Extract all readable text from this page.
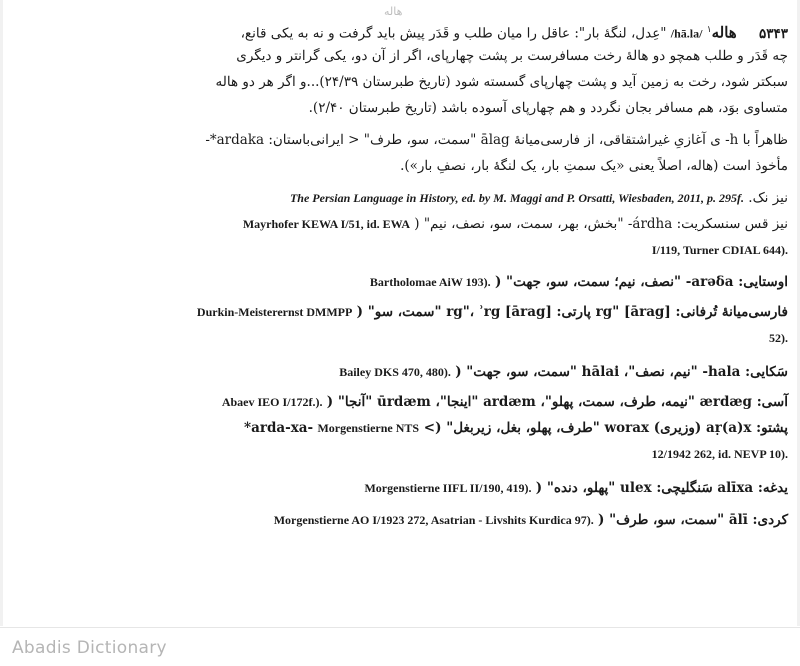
هاله
۵۳۴۳ هاله$^۱$ /hā.la/ "عِدل، لنگهٔ بار": عاقل را میان طلب و قَدَر پیش باید گرفت و نه به یکی قانع،
چه قَدَر و طلب همچو دو هالهٔ رخت مسافرست بر پشت چهارپای، اگر از آن دو، یکی گرانتر و دیگری
سبکتر شود، رخت به زمین آید و پشت چهارپای گسسته شود (تاریخ طبرستان ۲۴/۳۹)...و اگر هر دو هاله
متساوی بوَد، هم مسافر بجان نگردد و هم چهارپای آسوده باشد (تاریخ طبرستان ۲/۴۰).
ظاهراً با h- ی آغازیِ غیراشتقاقی، از فارسی‌میانهٔ ālag "سمت، سو، طرف" < ایرانی‌باستان: ‎*ardaka-
مأخوذ است (هاله، اصلاً یعنی «یک سمتِ بار، یک لنگهٔ بار، نصفِ بار»).
نیز نک. The Persian Language in History, ed. by M. Maggi and P. Orsatti, Wiesbaden, 2011, p. 295f.
نیز قس سنسکریت: ‎árdha- "بخش، بهر، سمت، سو، نصف، نیم" ( Mayrhofer KEWA I/51, id. EWA
I/119, Turner CDIAL 644).
اوستایی: ‎arəδa- "نصف، نیم؛ سمت، سو، جهت" ( Bartholomae AiW 193).
فارسی‌میانهٔ تُرفانی: ‎rg" [ārag] پارتی: rg"، ‎ʾrg [ārag] "سمت، سو" ( Durkin-Meisterernst DMMPP
52).
سَکایی: ‎hala- "نیم، نصف"، hālai "سمت، سو، جهت" ( Bailey DKS 470, 480).
آسی: ‎ærdæg "نیمه، طرف، سمت، پهلو"، ardæm "اینجا"، ūrdæm "آنجا" ( Abaev IEO I/172f.).
پشتو: ‎aṛ(a)x (وزیری) worax "طرف، پهلو، بغل، زیربغل" (> ‎*arda-xa- Morgenstierne NTS
12/1942 262, id. NEVP 10).
یدغه: ‎alīxa سَنگلیچی: ulex "پهلو، دنده" ( Morgenstierne IIFL II/190, 419).
کردی: ‎ālī "سمت، سو، طرف" ( Morgenstierne AO I/1923 272, Asatrian - Livshits Kurdica 97).
Abadis Dictionary
